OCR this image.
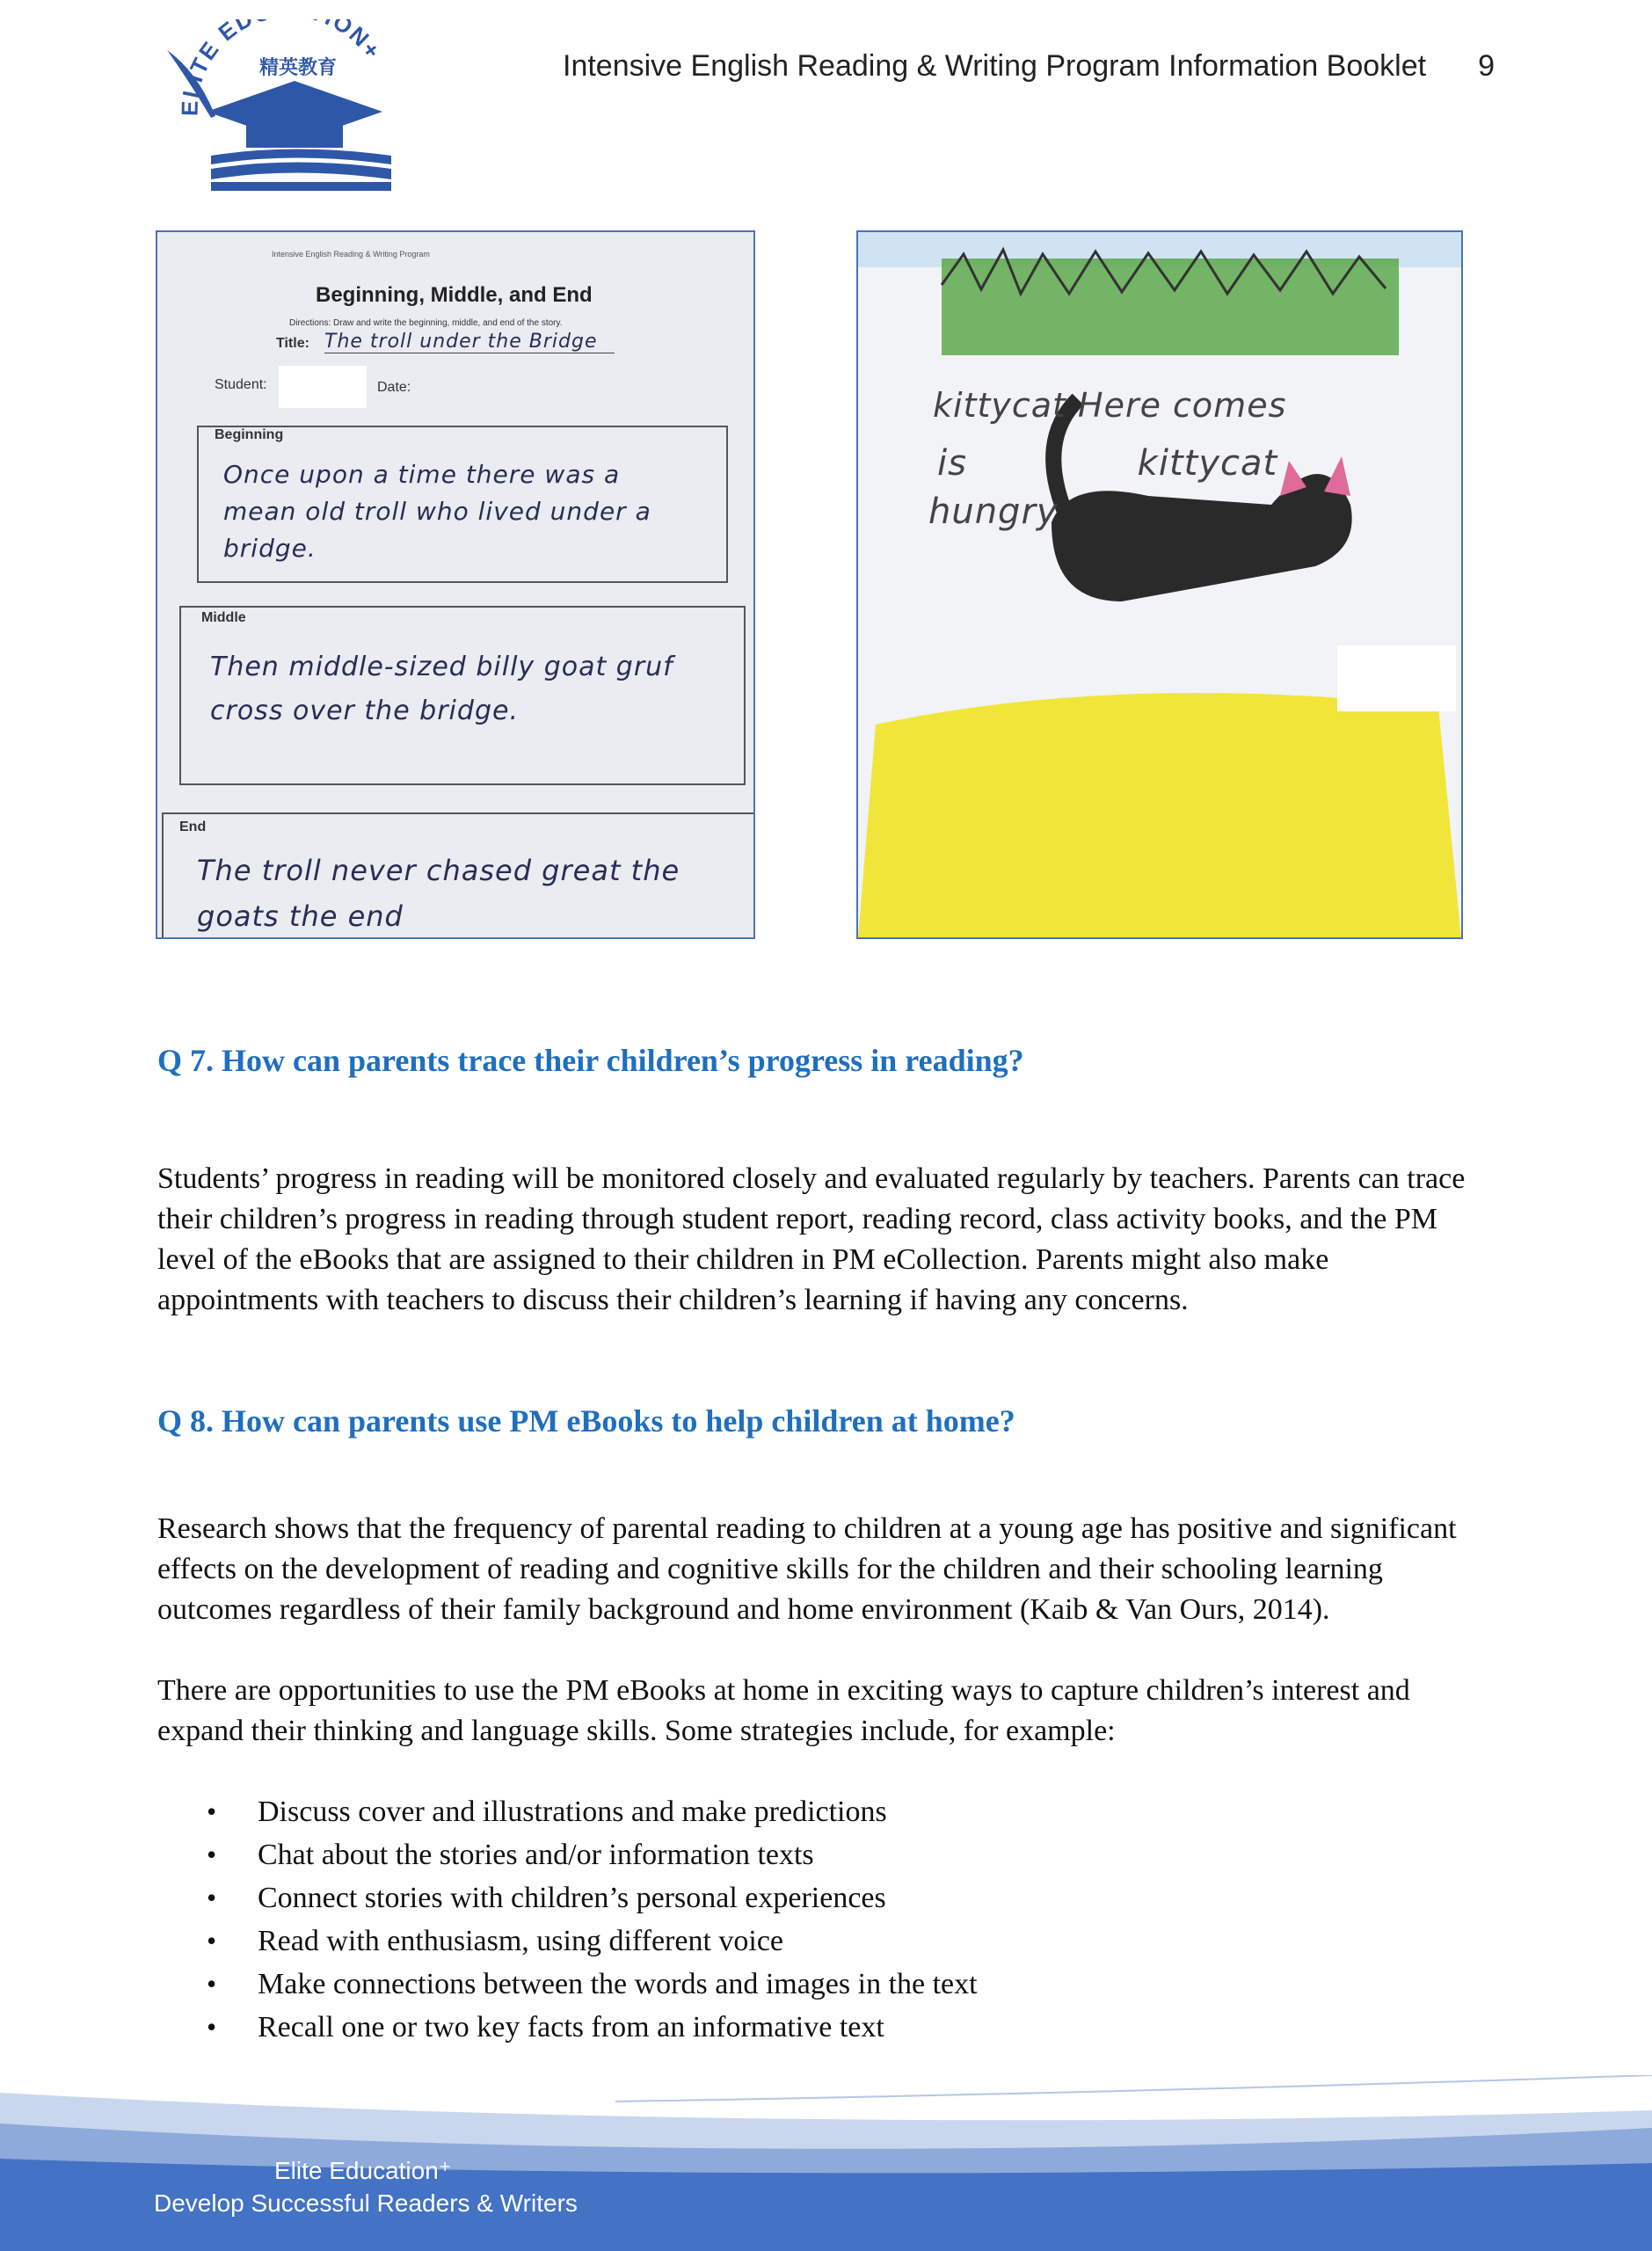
ELITE ED ON+
精英教育	Intensive English Reading & Writing Program Information Booklet 9
Intensive English Reading & Writing Program
Beginning, Middle, and End
Directions: Draw and write the beginning, middle, and end of the story.
Title: The troll under the Bridge
Student:	Date:
Beginning
Once upon a time there was a mean old troll who lived under a bridge.
Middle
Then middle-sized billy goat gruf cross over the bridge.
End
The troll never chased great the goats the end
kittycat Here comes
is kittycat
hungry
Q 7. How can parents trace their children’s progress in reading?
Students’ progress in reading will be monitored closely and evaluated regularly by teachers. Parents can trace
their children’s progress in reading through student report, reading record, class activity books, and the PM
level of the eBooks that are assigned to their children in PM eCollection. Parents might also make
appointments with teachers to discuss their children’s learning if having any concerns.
Q 8. How can parents use PM eBooks to help children at home?
Research shows that the frequency of parental reading to children at a young age has positive and significant
effects on the development of reading and cognitive skills for the children and their schooling learning
outcomes regardless of their family background and home environment (Kaib & Van Ours, 2014).
There are opportunities to use the PM eBooks at home in exciting ways to capture children’s interest and
expand their thinking and language skills. Some strategies include, for example:
• Discuss cover and illustrations and make predictions
• Chat about the stories and/or information texts
• Connect stories with children’s personal experiences
• Read with enthusiasm, using different voice
• Make connections between the words and images in the text
• Recall one or two key facts from an informative text
Elite Education⁺
Develop Successful Readers & Writers
